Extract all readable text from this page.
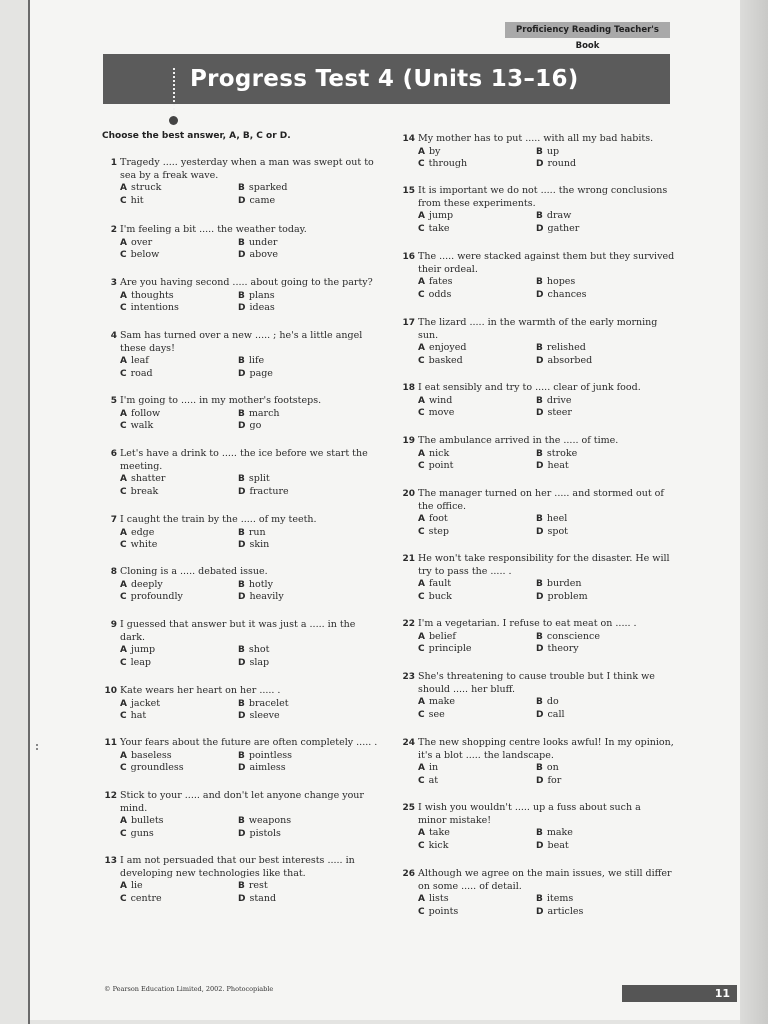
Proficiency Reading Teacher's Book
Progress Test 4 (Units 13–16)
Choose the best answer, A, B, C or D.
1 Tragedy ..... yesterday when a man was swept out to
sea by a freak wave.
A struck	B sparked
C hit	D came
2 I'm feeling a bit ..... the weather today.
A over	B under
C below	D above
3 Are you having second ..... about going to the party?
A thoughts	B plans
C intentions	D ideas
4 Sam has turned over a new ..... ; he's a little angel
these days!
A leaf	B life
C road	D page
5 I'm going to ..... in my mother's footsteps.
A follow	B march
C walk	D go
6 Let's have a drink to ..... the ice before we start the
meeting.
A shatter	B split
C break	D fracture
7 I caught the train by the ..... of my teeth.
A edge	B run
C white	D skin
8 Cloning is a ..... debated issue.
A deeply	B hotly
C profoundly	D heavily
9 I guessed that answer but it was just a ..... in the
dark.
A jump	B shot
C leap	D slap
10 Kate wears her heart on her ..... .
A jacket	B bracelet
C hat	D sleeve
11 Your fears about the future are often completely ..... .
A baseless	B pointless
C groundless	D aimless
12 Stick to your ..... and don't let anyone change your
mind.
A bullets	B weapons
C guns	D pistols
13 I am not persuaded that our best interests ..... in
developing new technologies like that.
A lie	B rest
C centre	D stand
14 My mother has to put ..... with all my bad habits.
A by	B up
C through	D round
15 It is important we do not ..... the wrong conclusions
from these experiments.
A jump	B draw
C take	D gather
16 The ..... were stacked against them but they survived
their ordeal.
A fates	B hopes
C odds	D chances
17 The lizard ..... in the warmth of the early morning
sun.
A enjoyed	B relished
C basked	D absorbed
18 I eat sensibly and try to ..... clear of junk food.
A wind	B drive
C move	D steer
19 The ambulance arrived in the ..... of time.
A nick	B stroke
C point	D heat
20 The manager turned on her ..... and stormed out of
the office.
A foot	B heel
C step	D spot
21 He won't take responsibility for the disaster. He will
try to pass the ..... .
A fault	B burden
C buck	D problem
22 I'm a vegetarian. I refuse to eat meat on ..... .
A belief	B conscience
C principle	D theory
23 She's threatening to cause trouble but I think we
should ..... her bluff.
A make	B do
C see	D call
24 The new shopping centre looks awful! In my opinion,
it's a blot ..... the landscape.
A in	B on
C at	D for
25 I wish you wouldn't ..... up a fuss about such a
minor mistake!
A take	B make
C kick	D beat
26 Although we agree on the main issues, we still differ
on some ..... of detail.
A lists	B items
C points	D articles
© Pearson Education Limited, 2002. Photocopiable	11
